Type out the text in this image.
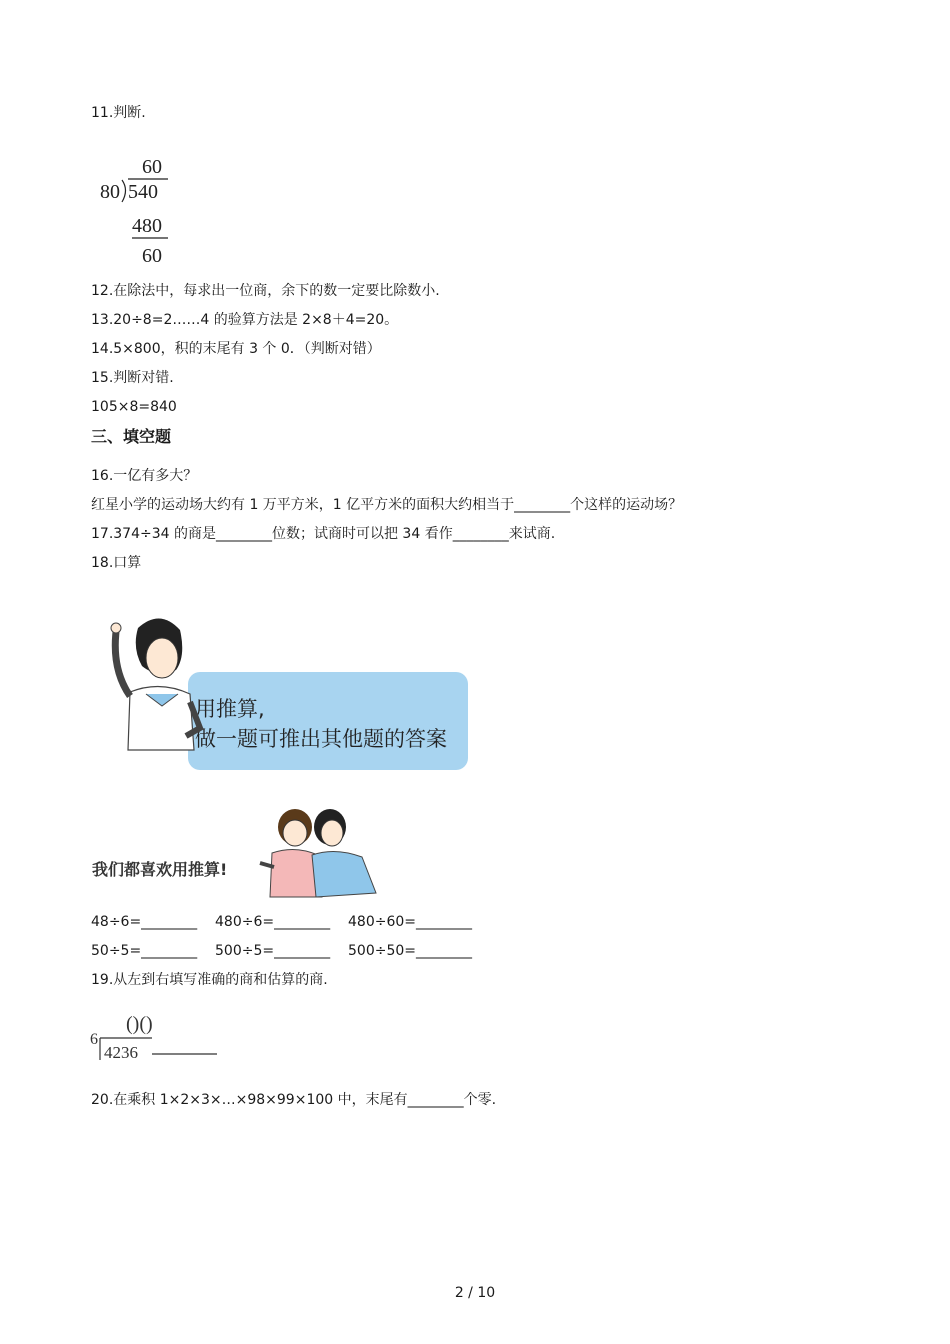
11.判断.
60
80 540
480
60
12.在除法中，每求出一位商，余下的数一定要比除数小.
13.20÷8=2……4 的验算方法是 2×8＋4=20。
14.5×800，积的末尾有 3 个 0．（判断对错）
15.判断对错.
105×8=840
三、填空题
16.一亿有多大？
红星小学的运动场大约有 1 万平方米，1 亿平方米的面积大约相当于________个这样的运动场？
17.374÷34 的商是________位数；试商时可以把 34 看作________来试商.
18.口算
用推算,
做一题可推出其他题的答案
我们都喜欢用推算!
48÷6=________ 480÷6=________ 480÷60=________
50÷5=________ 500÷5=________ 500÷50=________
19.从左到右填写准确的商和估算的商.
()()
6
4236
20.在乘积 1×2×3×…×98×99×100 中，末尾有________个零.
2 / 10
